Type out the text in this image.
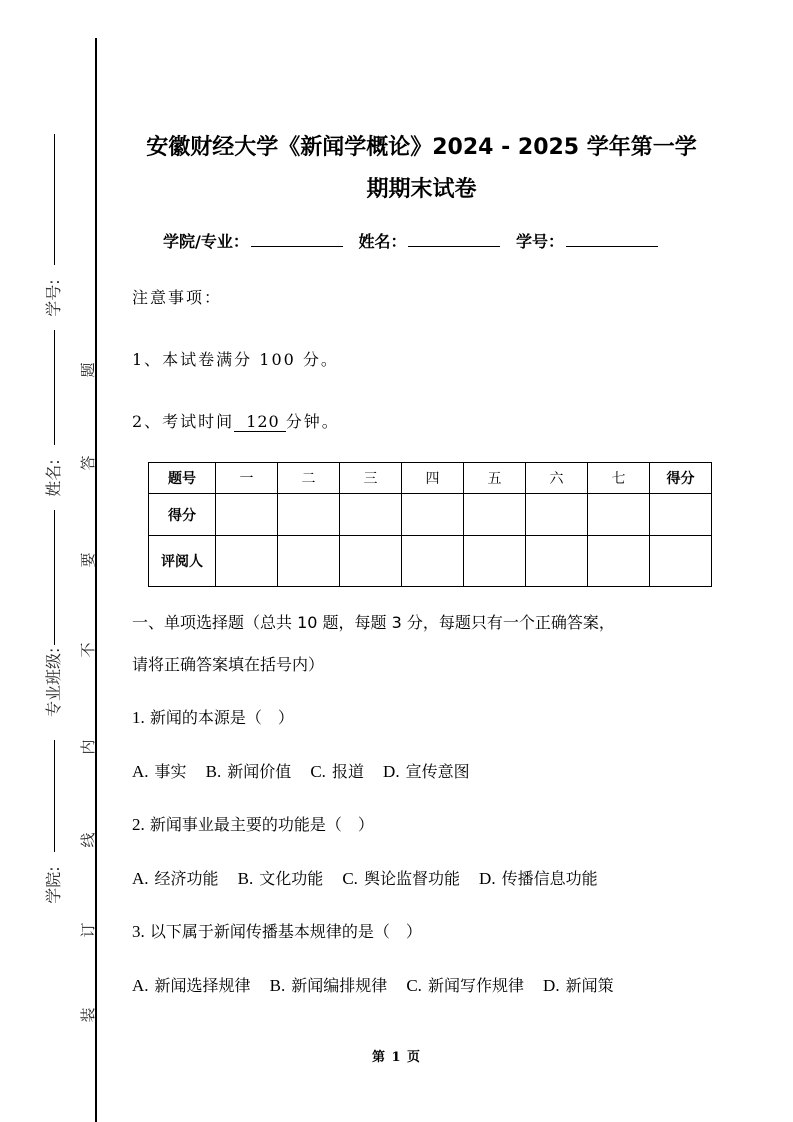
学号:
姓名:
专业班级:
学院:
题
答
要
不
内
线
订
装
安徽财经大学《新闻学概论》2024 - 2025 学年第一学
期期末试卷
学院/专业：	姓名：	学号：
注意事项：
1、本试卷满分 100 分。
2、考试时间 120 分钟。
题号	一	二	三	四	五	六	七	得分
得分								
评阅人								
一、单项选择题（总共 10 题，每题 3 分，每题只有一个正确答案，
请将正确答案填在括号内）
1. 新闻的本源是（　）
A. 事实 B. 新闻价值 C. 报道 D. 宣传意图
2. 新闻事业最主要的功能是（　）
A. 经济功能 B. 文化功能 C. 舆论监督功能 D. 传播信息功能
3. 以下属于新闻传播基本规律的是（　）
A. 新闻选择规律 B. 新闻编排规律 C. 新闻写作规律 D. 新闻策
第 1 页
